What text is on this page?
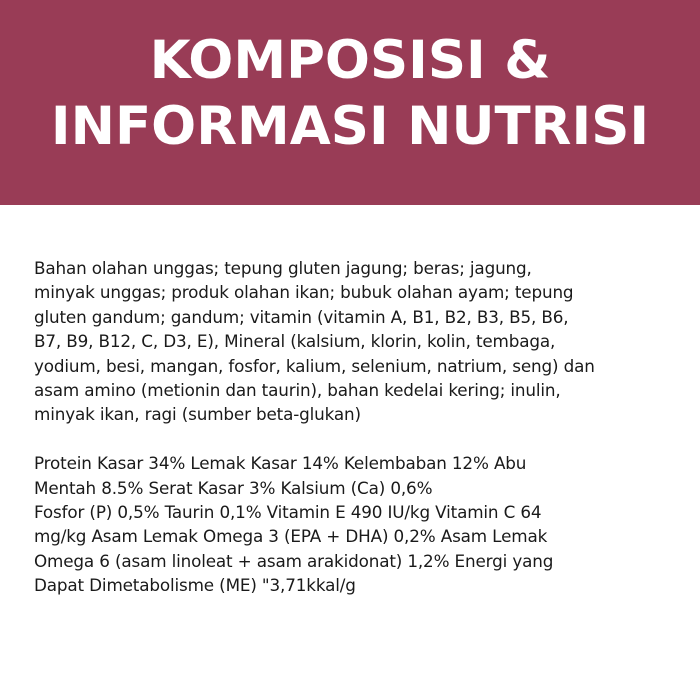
KOMPOSISI &
INFORMASI NUTRISI

Bahan olahan unggas; tepung gluten jagung; beras; jagung,
minyak unggas; produk olahan ikan; bubuk olahan ayam; tepung
gluten gandum; gandum; vitamin (vitamin A, B1, B2, B3, B5, B6,
B7, B9, B12, C, D3, E), Mineral (kalsium, klorin, kolin, tembaga,
yodium, besi, mangan, fosfor, kalium, selenium, natrium, seng) dan
asam amino (metionin dan taurin), bahan kedelai kering; inulin,
minyak ikan, ragi (sumber beta-glukan)

Protein Kasar 34% Lemak Kasar 14% Kelembaban 12% Abu
Mentah 8.5% Serat Kasar 3% Kalsium (Ca) 0,6%
Fosfor (P) 0,5% Taurin 0,1% Vitamin E 490 IU/kg Vitamin C 64
mg/kg Asam Lemak Omega 3 (EPA + DHA) 0,2% Asam Lemak
Omega 6 (asam linoleat + asam arakidonat) 1,2% Energi yang
Dapat Dimetabolisme (ME) "3,71kkal/g
